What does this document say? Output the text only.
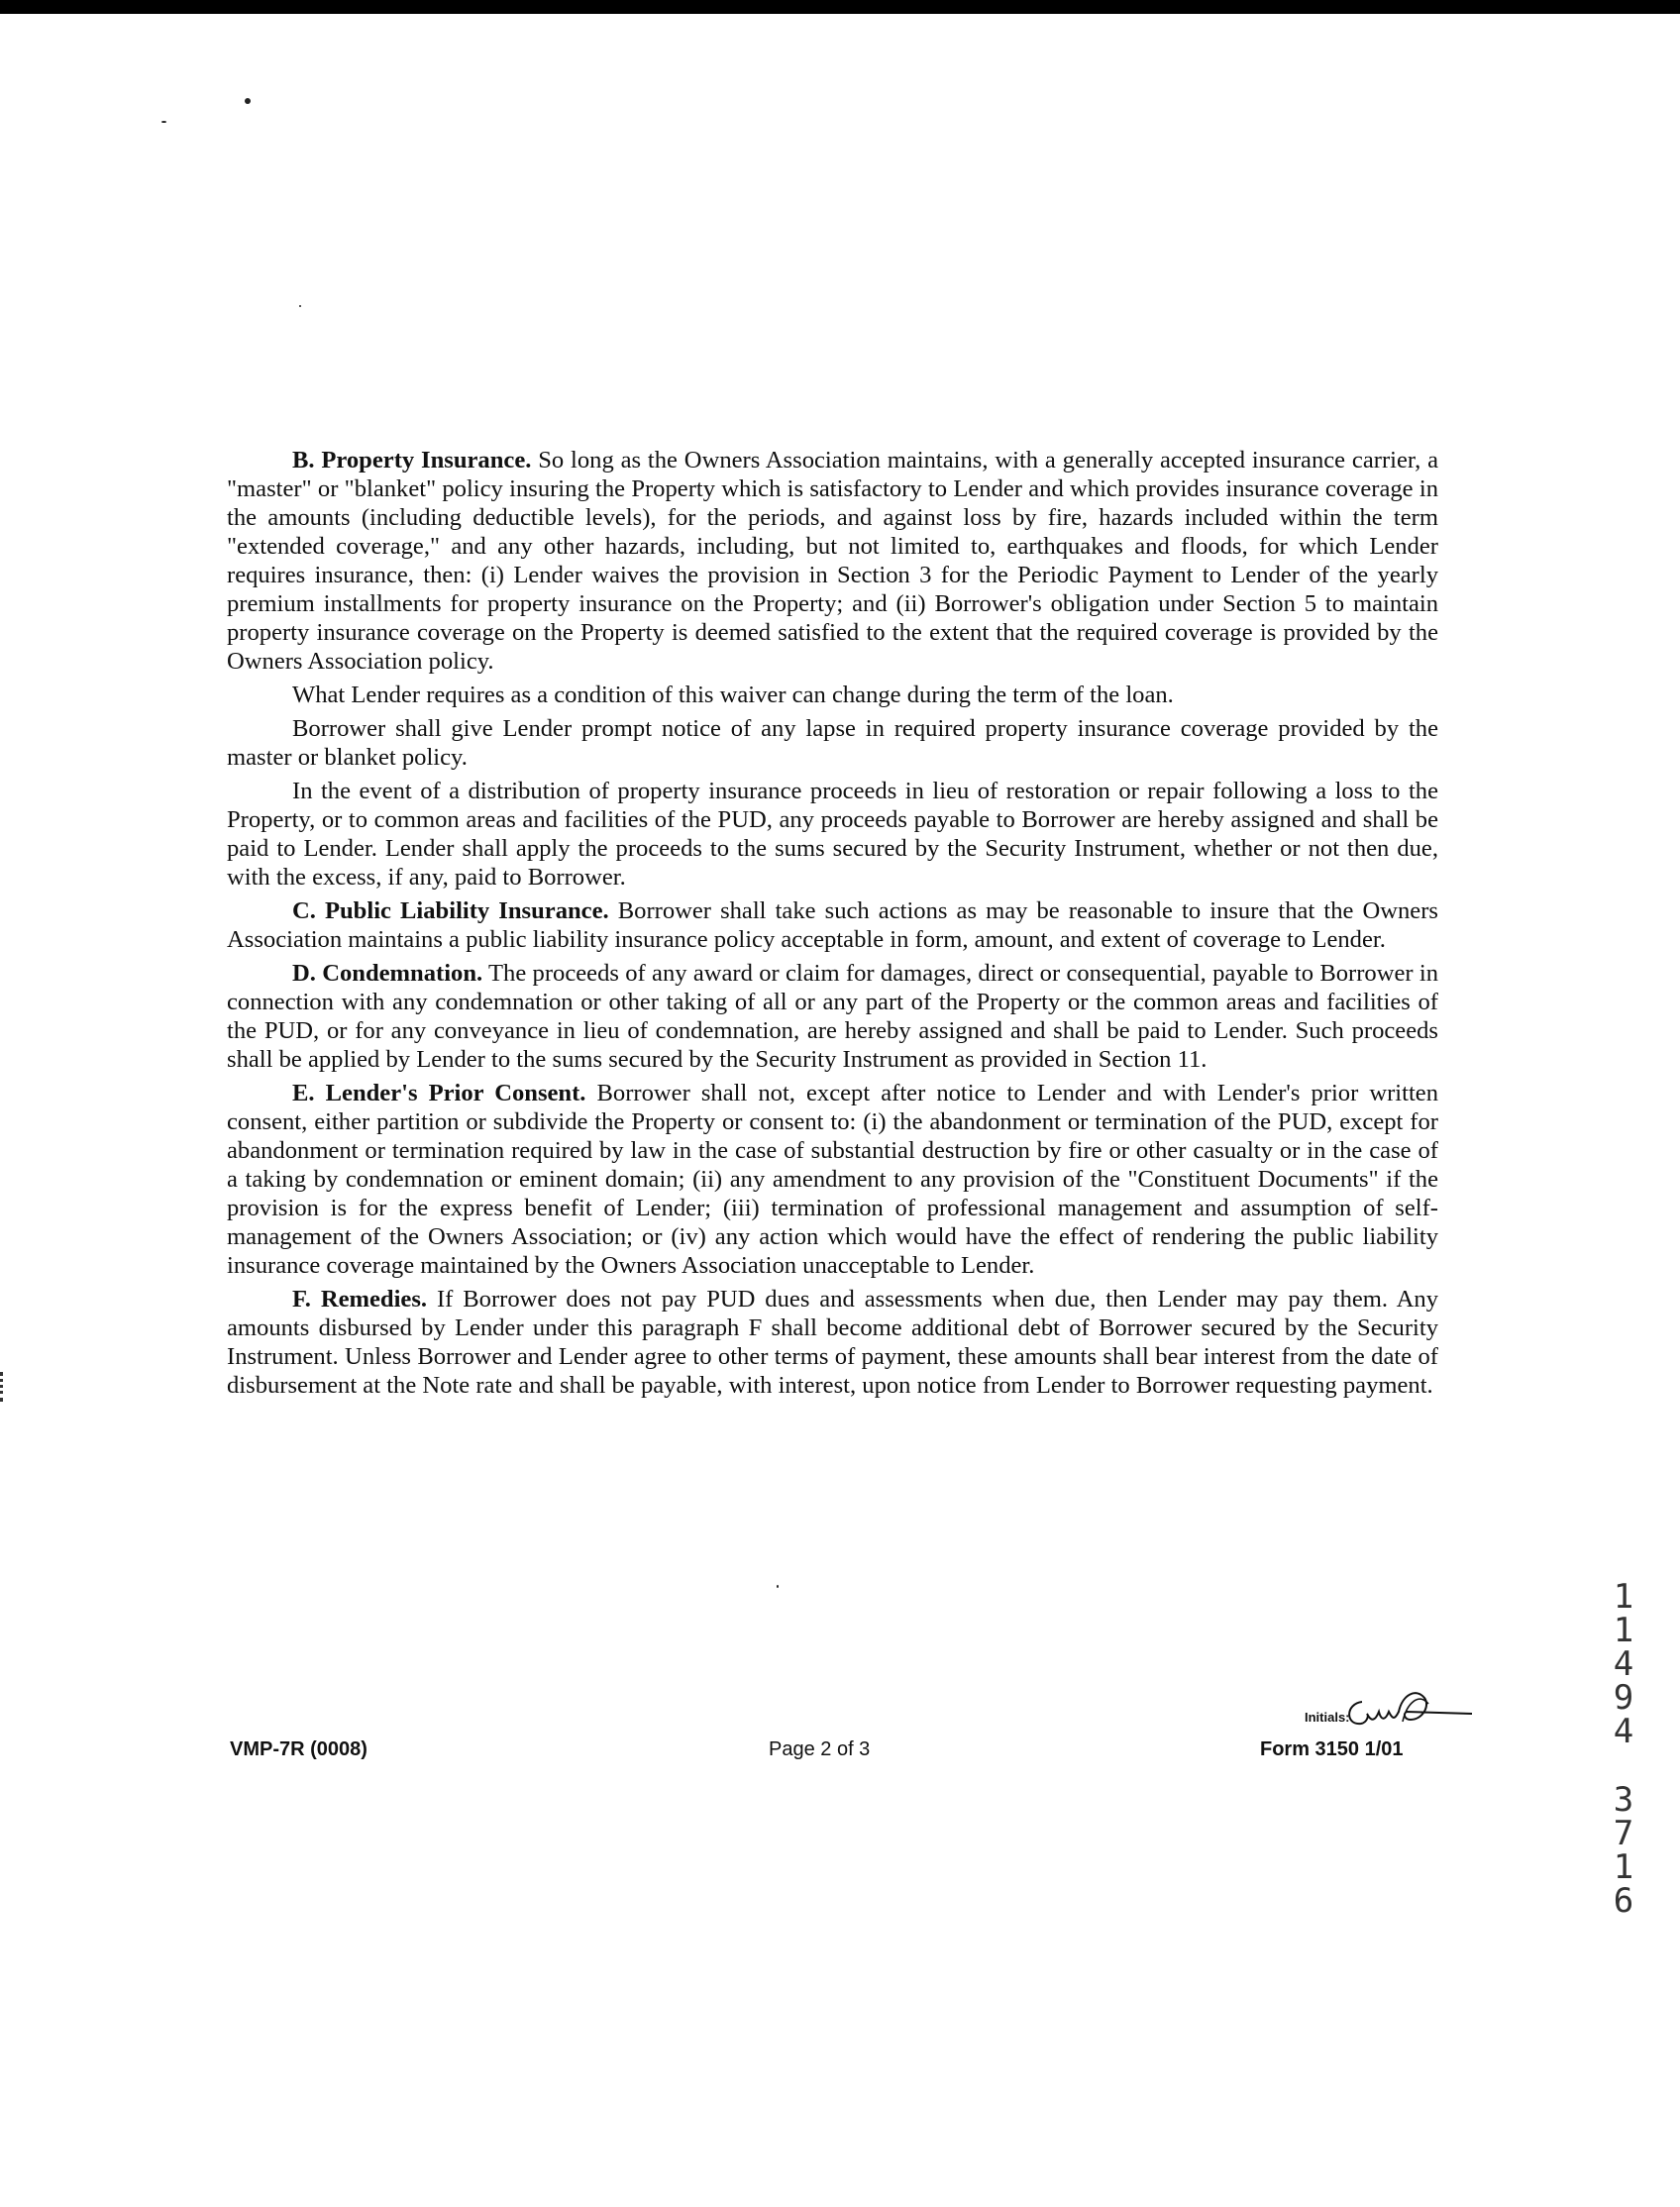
B. Property Insurance. So long as the Owners Association maintains, with a generally accepted insurance carrier, a "master" or "blanket" policy insuring the Property which is satisfactory to Lender and which provides insurance coverage in the amounts (including deductible levels), for the periods, and against loss by fire, hazards included within the term "extended coverage," and any other hazards, including, but not limited to, earthquakes and floods, for which Lender requires insurance, then: (i) Lender waives the provision in Section 3 for the Periodic Payment to Lender of the yearly premium installments for property insurance on the Property; and (ii) Borrower's obligation under Section 5 to maintain property insurance coverage on the Property is deemed satisfied to the extent that the required coverage is provided by the Owners Association policy.

What Lender requires as a condition of this waiver can change during the term of the loan.

Borrower shall give Lender prompt notice of any lapse in required property insurance coverage provided by the master or blanket policy.

In the event of a distribution of property insurance proceeds in lieu of restoration or repair following a loss to the Property, or to common areas and facilities of the PUD, any proceeds payable to Borrower are hereby assigned and shall be paid to Lender. Lender shall apply the proceeds to the sums secured by the Security Instrument, whether or not then due, with the excess, if any, paid to Borrower.

C. Public Liability Insurance. Borrower shall take such actions as may be reasonable to insure that the Owners Association maintains a public liability insurance policy acceptable in form, amount, and extent of coverage to Lender.

D. Condemnation. The proceeds of any award or claim for damages, direct or consequential, payable to Borrower in connection with any condemnation or other taking of all or any part of the Property or the common areas and facilities of the PUD, or for any conveyance in lieu of condemnation, are hereby assigned and shall be paid to Lender. Such proceeds shall be applied by Lender to the sums secured by the Security Instrument as provided in Section 11.

E. Lender's Prior Consent. Borrower shall not, except after notice to Lender and with Lender's prior written consent, either partition or subdivide the Property or consent to: (i) the abandonment or termination of the PUD, except for abandonment or termination required by law in the case of substantial destruction by fire or other casualty or in the case of a taking by condemnation or eminent domain; (ii) any amendment to any provision of the "Constituent Documents" if the provision is for the express benefit of Lender; (iii) termination of professional management and assumption of self-management of the Owners Association; or (iv) any action which would have the effect of rendering the public liability insurance coverage maintained by the Owners Association unacceptable to Lender.

F. Remedies. If Borrower does not pay PUD dues and assessments when due, then Lender may pay them. Any amounts disbursed by Lender under this paragraph F shall become additional debt of Borrower secured by the Security Instrument. Unless Borrower and Lender agree to other terms of payment, these amounts shall bear interest from the date of disbursement at the Note rate and shall be payable, with interest, upon notice from Lender to Borrower requesting payment.

VMP-7R (0008)	Page 2 of 3
Initials:
Form 3150 1/01
1
1
4
9
4
3
7
1
6
